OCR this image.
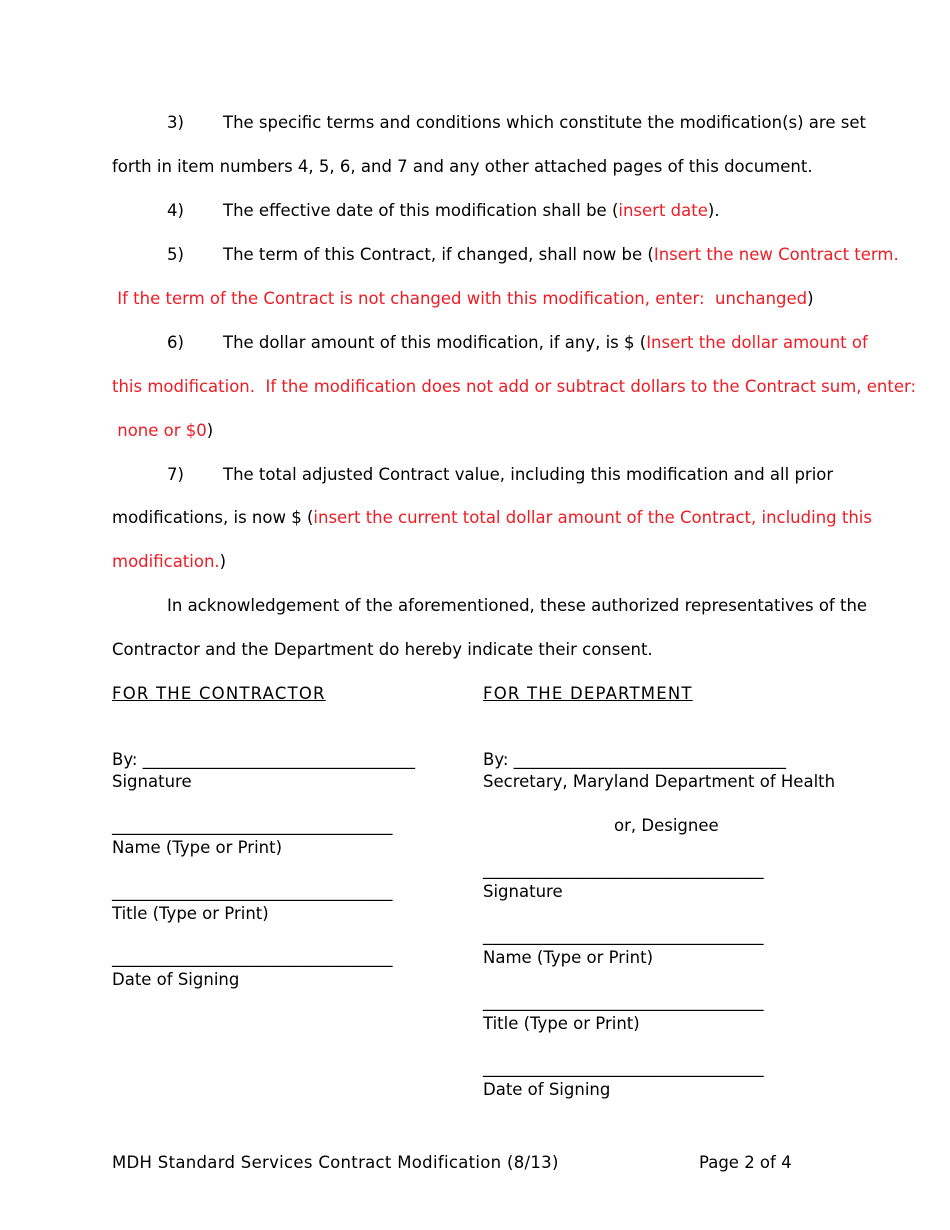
3) The specific terms and conditions which constitute the modification(s) are set
forth in item numbers 4, 5, 6, and 7 and any other attached pages of this document.
4) The effective date of this modification shall be (insert date).
5) The term of this Contract, if changed, shall now be (Insert the new Contract term.
If the term of the Contract is not changed with this modification, enter:  unchanged)
6) The dollar amount of this modification, if any, is $ (Insert the dollar amount of
this modification.  If the modification does not add or subtract dollars to the Contract sum, enter:
none or $0)
7) The total adjusted Contract value, including this modification and all prior
modifications, is now $ (insert the current total dollar amount of the Contract, including this
modification.)
In acknowledgement of the aforementioned, these authorized representatives of the
Contractor and the Department do hereby indicate their consent.
FOR THE CONTRACTOR
By: _________________________________
Signature
__________________________________
Name (Type or Print)
__________________________________
Title (Type or Print)
__________________________________
Date of Signing
FOR THE DEPARTMENT
By: _________________________________
Secretary, Maryland Department of Health
or, Designee
__________________________________
Signature
__________________________________
Name (Type or Print)
__________________________________
Title (Type or Print)
__________________________________
Date of Signing
MDH Standard Services Contract Modification (8/13)	Page 2 of 4
